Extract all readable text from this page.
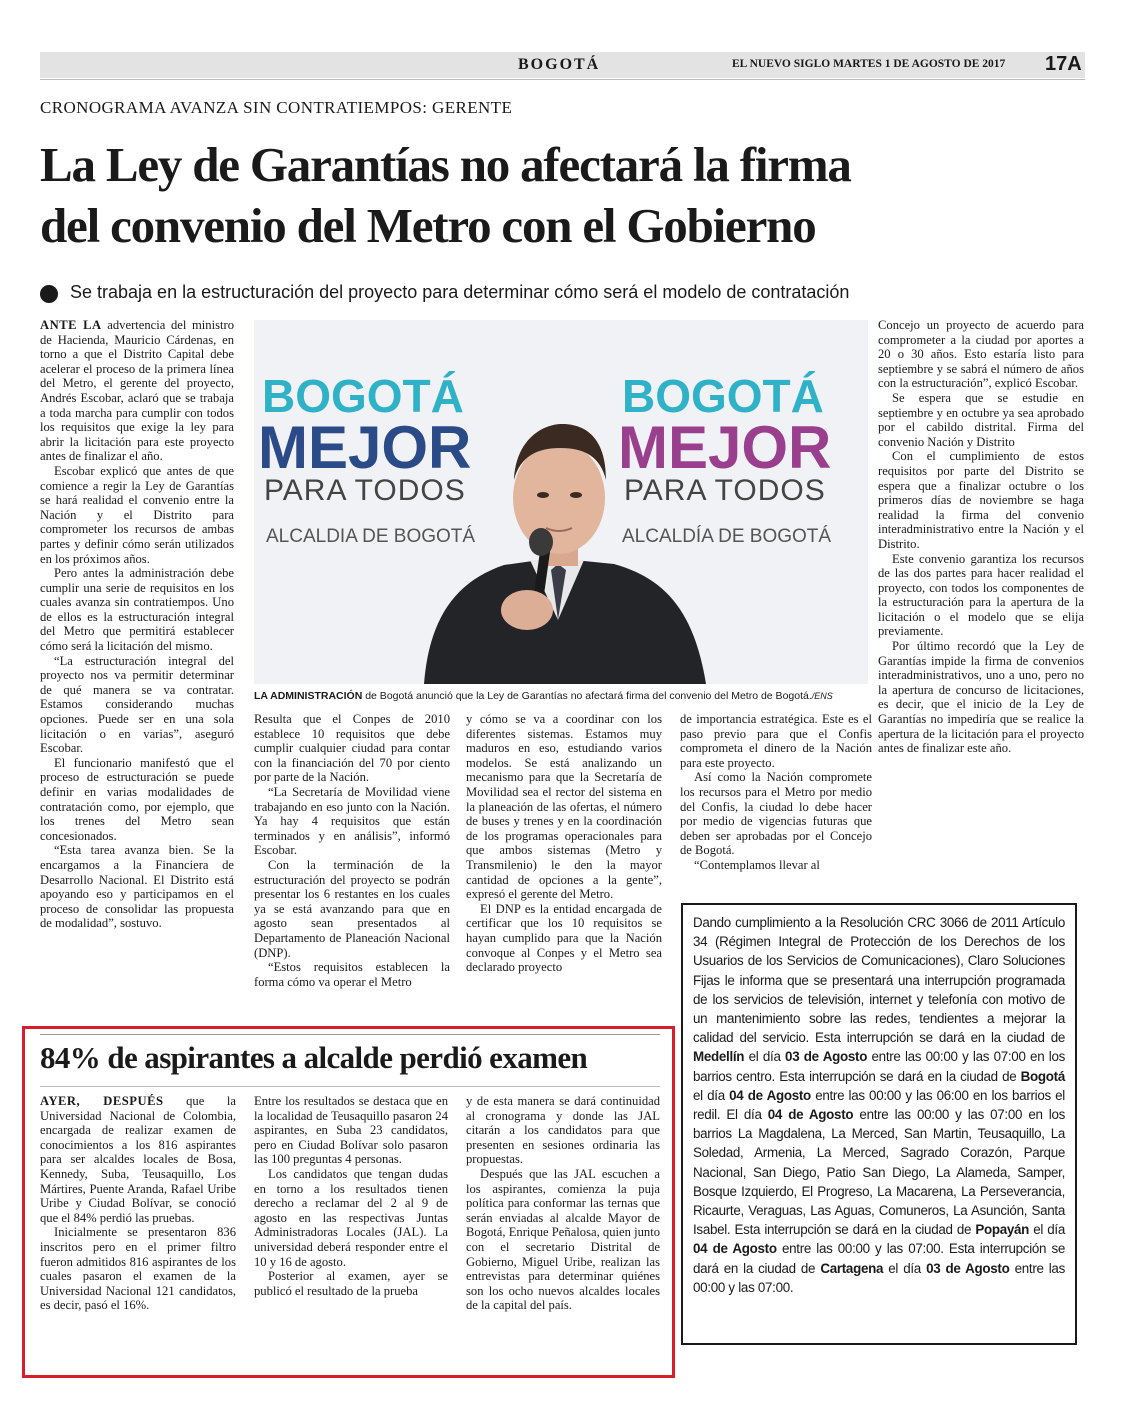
BOGOTÁ	EL NUEVO SIGLO MARTES 1 DE AGOSTO DE 2017 17A
CRONOGRAMA AVANZA SIN CONTRATIEMPOS: GERENTE
La Ley de Garantías no afectará la firma
del convenio del Metro con el Gobierno
Se trabaja en la estructuración del proyecto para determinar cómo será el modelo de contratación

ANTE LA advertencia del ministro de Hacienda, Mauricio Cárdenas, en torno a que el Distrito Capital debe acelerar el proceso de la primera línea del Metro, el gerente del proyecto, Andrés Escobar, aclaró que se trabaja a toda marcha para cumplir con todos los requisitos que exige la ley para abrir la licitación para este proyecto antes de finalizar el año.

Escobar explicó que antes de que comience a regir la Ley de Garantías se hará realidad el convenio entre la Nación y el Distrito para comprometer los recursos de ambas partes y definir cómo serán utilizados en los próximos años.

Pero antes la administración debe cumplir una serie de requisitos en los cuales avanza sin contratiempos. Uno de ellos es la estructuración integral del Metro que permitirá establecer cómo será la licitación del mismo.

“La estructuración integral del proyecto nos va permitir determinar de qué manera se va contratar. Estamos considerando muchas opciones. Puede ser en una sola licitación o en varias”, aseguró Escobar.

El funcionario manifestó que el proceso de estructuración se puede definir en varias modalidades de contratación como, por ejemplo, que los trenes del Metro sean concesionados.

“Esta tarea avanza bien. Se la encargamos a la Financiera de Desarrollo Nacional. El Distrito está apoyando eso y participamos en el proceso de consolidar las propuesta de modalidad”, sostuvo.

BOGOTÁ
MEJOR
PARA TODOS
ALCALDIA DE BOGOTÁ
BOGOTÁ
MEJOR
PARA TODOS
ALCALDÍA DE BOGOTÁ
LA ADMINISTRACIÓN de Bogotá anunció que la Ley de Garantías no afectará firma del convenio del Metro de Bogotá./ENS

Concejo un proyecto de acuerdo para comprometer a la ciudad por aportes a 20 o 30 años. Esto estaría listo para septiembre y se sabrá el número de años con la estructuración”, explicó Escobar.

Se espera que se estudie en septiembre y en octubre ya sea aprobado por el cabildo distrital. Firma del convenio Nación y Distrito

Con el cumplimiento de estos requisitos por parte del Distrito se espera que a finalizar octubre o los primeros días de noviembre se haga realidad la firma del convenio interadministrativo entre la Nación y el Distrito.

Este convenio garantiza los recursos de las dos partes para hacer realidad el proyecto, con todos los componentes de la estructuración para la apertura de la licitación o el modelo que se elija previamente.

Por último recordó que la Ley de Garantías impide la firma de convenios interadministrativos, uno a uno, pero no la apertura de concurso de licitaciones, es decir, que el inicio de la Ley de Garantías no impediría que se realice la apertura de la licitación para el proyecto antes de finalizar este año.

Resulta que el Conpes de 2010 establece 10 requisitos que debe cumplir cualquier ciudad para contar con la financiación del 70 por ciento por parte de la Nación.

“La Secretaría de Movilidad viene trabajando en eso junto con la Nación. Ya hay 4 requisitos que están terminados y en análisis”, informó Escobar.

Con la terminación de la estructuración del proyecto se podrán presentar los 6 restantes en los cuales ya se está avanzando para que en agosto sean presentados al Departamento de Planeación Nacional (DNP).

“Estos requisitos establecen la forma cómo va operar el Metro

y cómo se va a coordinar con los diferentes sistemas. Estamos muy maduros en eso, estudiando varios modelos. Se está analizando un mecanismo para que la Secretaría de Movilidad sea el rector del sistema en la planeación de las ofertas, el número de buses y trenes y en la coordinación de los programas operacionales para que ambos sistemas (Metro y Transmilenio) le den la mayor cantidad de opciones a la gente”, expresó el gerente del Metro.

El DNP es la entidad encargada de certificar que los 10 requisitos se hayan cumplido para que la Nación convoque al Conpes y el Metro sea declarado proyecto

de importancia estratégica. Este es el paso previo para que el Confis comprometa el dinero de la Nación para este proyecto.

Así como la Nación compromete los recursos para el Metro por medio del Confis, la ciudad lo debe hacer por medio de vigencias futuras que deben ser aprobadas por el Concejo de Bogotá.

“Contemplamos llevar al

Dando cumplimiento a la Resolución CRC 3066 de 2011 Artículo 34 (Régimen Integral de Protección de los Derechos de los Usuarios de los Servicios de Comunicaciones), Claro Soluciones Fijas le informa que se presentará una interrupción programada de los servicios de televisión, internet y telefonía con motivo de un mantenimiento sobre las redes, tendientes a mejorar la calidad del servicio. Esta interrupción se dará en la ciudad de Medellín el día 03 de Agosto entre las 00:00 y las 07:00 en los barrios centro. Esta interrupción se dará en la ciudad de Bogotá el día 04 de Agosto entre las 00:00 y las 06:00 en los barrios el redil. El día 04 de Agosto entre las 00:00 y las 07:00 en los barrios La Magdalena, La Merced, San Martin, Teusaquillo, La Soledad, Armenia, La Merced, Sagrado Corazón, Parque Nacional, San Diego, Patio San Diego, La Alameda, Samper, Bosque Izquierdo, El Progreso, La Macarena, La Perseverancia, Ricaurte, Veraguas, Las Aguas, Comuneros, La Asunción, Santa Isabel. Esta interrupción se dará en la ciudad de Popayán el día 04 de Agosto entre las 00:00 y las 07:00. Esta interrupción se dará en la ciudad de Cartagena el día 03 de Agosto entre las 00:00 y las 07:00.
84% de aspirantes a alcalde perdió examen

AYER, DESPUÉS que la Universidad Nacional de Colombia, encargada de realizar examen de conocimientos a los 816 aspirantes para ser alcaldes locales de Bosa, Kennedy, Suba, Teusaquillo, Los Mártires, Puente Aranda, Rafael Uribe Uribe y Ciudad Bolívar, se conoció que el 84% perdió las pruebas.

Inicialmente se presentaron 836 inscritos pero en el primer filtro fueron admitidos 816 aspirantes de los cuales pasaron el examen de la Universidad Nacional 121 candidatos, es decir, pasó el 16%.

Entre los resultados se destaca que en la localidad de Teusaquillo pasaron 24 aspirantes, en Suba 23 candidatos, pero en Ciudad Bolívar solo pasaron las 100 preguntas 4 personas.

Los candidatos que tengan dudas en torno a los resultados tienen derecho a reclamar del 2 al 9 de agosto en las respectivas Juntas Administradoras Locales (JAL). La universidad deberá responder entre el 10 y 16 de agosto.

Posterior al examen, ayer se publicó el resultado de la prueba

y de esta manera se dará continuidad al cronograma y donde las JAL citarán a los candidatos para que presenten en sesiones ordinaria las propuestas.

Después que las JAL escuchen a los aspirantes, comienza la puja política para conformar las ternas que serán enviadas al alcalde Mayor de Bogotá, Enrique Peñalosa, quien junto con el secretario Distrital de Gobierno, Miguel Uribe, realizan las entrevistas para determinar quiénes son los ocho nuevos alcaldes locales de la capital del país.
